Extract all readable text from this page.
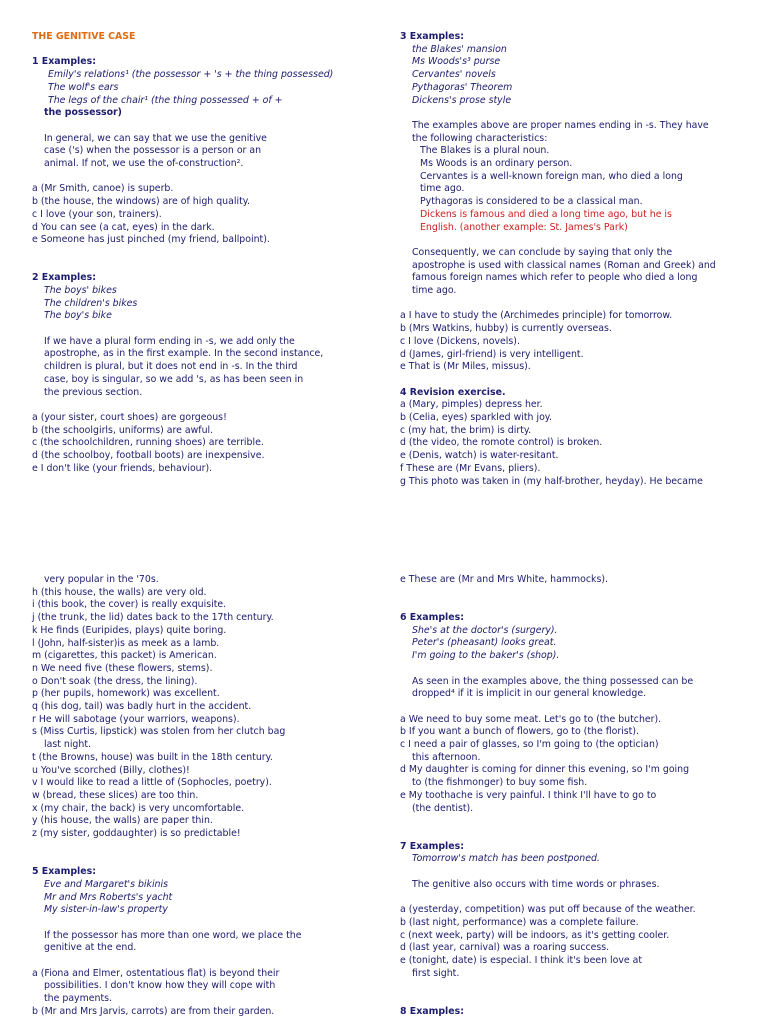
THE GENITIVE CASE
1 Examples:
Emily's relations¹ (the possessor + 's + the thing possessed)
The wolf's ears
The legs of the chair¹ (the thing possessed + of +
the possessor)
In general, we can say that we use the genitive
case ('s) when the possessor is a person or an
animal. If not, we use the of-construction².
a (Mr Smith, canoe) is superb.
b (the house, the windows) are of high quality.
c I love (your son, trainers).
d You can see (a cat, eyes) in the dark.
e Someone has just pinched (my friend, ballpoint).
2 Examples:
The boys' bikes
The children's bikes
The boy's bike
If we have a plural form ending in -s, we add only the
apostrophe, as in the first example. In the second instance,
children is plural, but it does not end in -s. In the third
case, boy is singular, so we add 's, as has been seen in
the previous section.
a (your sister, court shoes) are gorgeous!
b (the schoolgirls, uniforms) are awful.
c (the schoolchildren, running shoes) are terrible.
d (the schoolboy, football boots) are inexpensive.
e I don't like (your friends, behaviour).
3 Examples:
the Blakes' mansion
Ms Woods's³ purse
Cervantes' novels
Pythagoras' Theorem
Dickens's prose style
The examples above are proper names ending in -s. They have
the following characteristics:
The Blakes is a plural noun.
Ms Woods is an ordinary person.
Cervantes is a well-known foreign man, who died a long
time ago.
Pythagoras is considered to be a classical man.
Dickens is famous and died a long time ago, but he is
English. (another example: St. James's Park)
Consequently, we can conclude by saying that only the
apostrophe is used with classical names (Roman and Greek) and
famous foreign names which refer to people who died a long
time ago.
a I have to study the (Archimedes principle) for tomorrow.
b (Mrs Watkins, hubby) is currently overseas.
c I love (Dickens, novels).
d (James, girl-friend) is very intelligent.
e That is (Mr Miles, missus).
4 Revision exercise.
a (Mary, pimples) depress her.
b (Celia, eyes) sparkled with joy.
c (my hat, the brim) is dirty.
d (the video, the romote control) is broken.
e (Denis, watch) is water-resitant.
f These are (Mr Evans, pliers).
g This photo was taken in (my half-brother, heyday). He became
very popular in the '70s.
h (this house, the walls) are very old.
i (this book, the cover) is really exquisite.
j (the trunk, the lid) dates back to the 17th century.
k He finds (Euripides, plays) quite boring.
l (John, half-sister)is as meek as a lamb.
m (cigarettes, this packet) is American.
n We need five (these flowers, stems).
o Don't soak (the dress, the lining).
p (her pupils, homework) was excellent.
q (his dog, tail) was badly hurt in the accident.
r He will sabotage (your warriors, weapons).
s (Miss Curtis, lipstick) was stolen from her clutch bag
last night.
t (the Browns, house) was built in the 18th century.
u You've scorched (Billy, clothes)!
v I would like to read a little of (Sophocles, poetry).
w (bread, these slices) are too thin.
x (my chair, the back) is very uncomfortable.
y (his house, the walls) are paper thin.
z (my sister, goddaughter) is so predictable!
5 Examples:
Eve and Margaret's bikinis
Mr and Mrs Roberts's yacht
My sister-in-law's property
If the possessor has more than one word, we place the
genitive at the end.
a (Fiona and Elmer, ostentatious flat) is beyond their
possibilities. I don't know how they will cope with
the payments.
b (Mr and Mrs Jarvis, carrots) are from their garden.
e These are (Mr and Mrs White, hammocks).
6 Examples:
She's at the doctor's (surgery).
Peter's (pheasant) looks great.
I'm going to the baker's (shop).
As seen in the examples above, the thing possessed can be
dropped⁴ if it is implicit in our general knowledge.
a We need to buy some meat. Let's go to (the butcher).
b If you want a bunch of flowers, go to (the florist).
c I need a pair of glasses, so I'm going to (the optician)
this afternoon.
d My daughter is coming for dinner this evening, so I'm going
to (the fishmonger) to buy some fish.
e My toothache is very painful. I think I'll have to go to
(the dentist).
7 Examples:
Tomorrow's match has been postponed.
The genitive also occurs with time words or phrases.
a (yesterday, competition) was put off because of the weather.
b (last night, performance) was a complete failure.
c (next week, party) will be indoors, as it's getting cooler.
d (last year, carnival) was a roaring success.
e (tonight, date) is especial. I think it's been love at
first sight.
8 Examples:
